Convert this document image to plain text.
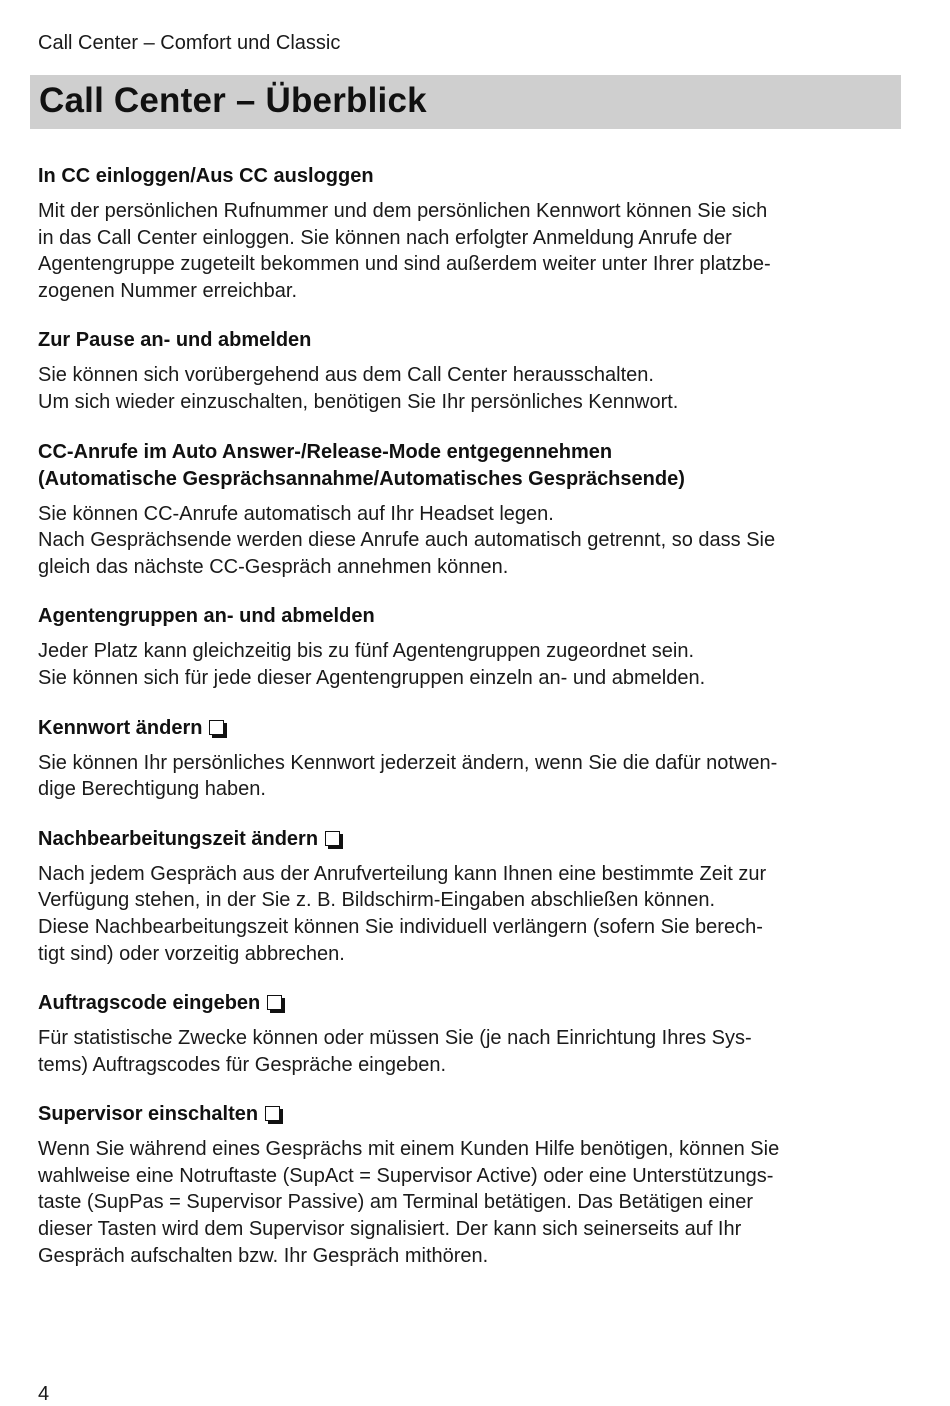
Call Center – Comfort und Classic
Call Center – Überblick
In CC einloggen/Aus CC ausloggen

Mit der persönlichen Rufnummer und dem persönlichen Kennwort können Sie sich
in das Call Center einloggen. Sie können nach erfolgter Anmeldung Anrufe der
Agentengruppe zugeteilt bekommen und sind außerdem weiter unter Ihrer platzbe-
zogenen Nummer erreichbar.

Zur Pause an- und abmelden

Sie können sich vorübergehend aus dem Call Center herausschalten.
Um sich wieder einzuschalten, benötigen Sie Ihr persönliches Kennwort.

CC-Anrufe im Auto Answer-/Release-Mode entgegennehmen
(Automatische Gesprächsannahme/Automatisches Gesprächsende)

Sie können CC-Anrufe automatisch auf Ihr Headset legen.
Nach Gesprächsende werden diese Anrufe auch automatisch getrennt, so dass Sie
gleich das nächste CC-Gespräch annehmen können.

Agentengruppen an- und abmelden

Jeder Platz kann gleichzeitig bis zu fünf Agentengruppen zugeordnet sein.
Sie können sich für jede dieser Agentengruppen einzeln an- und abmelden.

Kennwort ändern

Sie können Ihr persönliches Kennwort jederzeit ändern, wenn Sie die dafür notwen-
dige Berechtigung haben.

Nachbearbeitungszeit ändern

Nach jedem Gespräch aus der Anrufverteilung kann Ihnen eine bestimmte Zeit zur
Verfügung stehen, in der Sie z. B. Bildschirm-Eingaben abschließen können.
Diese Nachbearbeitungszeit können Sie individuell verlängern (sofern Sie berech-
tigt sind) oder vorzeitig abbrechen.

Auftragscode eingeben

Für statistische Zwecke können oder müssen Sie (je nach Einrichtung Ihres Sys-
tems) Auftragscodes für Gespräche eingeben.

Supervisor einschalten

Wenn Sie während eines Gesprächs mit einem Kunden Hilfe benötigen, können Sie
wahlweise eine Notruftaste (SupAct = Supervisor Active) oder eine Unterstützungs-
taste (SupPas = Supervisor Passive) am Terminal betätigen. Das Betätigen einer
dieser Tasten wird dem Supervisor signalisiert. Der kann sich seinerseits auf Ihr
Gespräch aufschalten bzw. Ihr Gespräch mithören.

4
